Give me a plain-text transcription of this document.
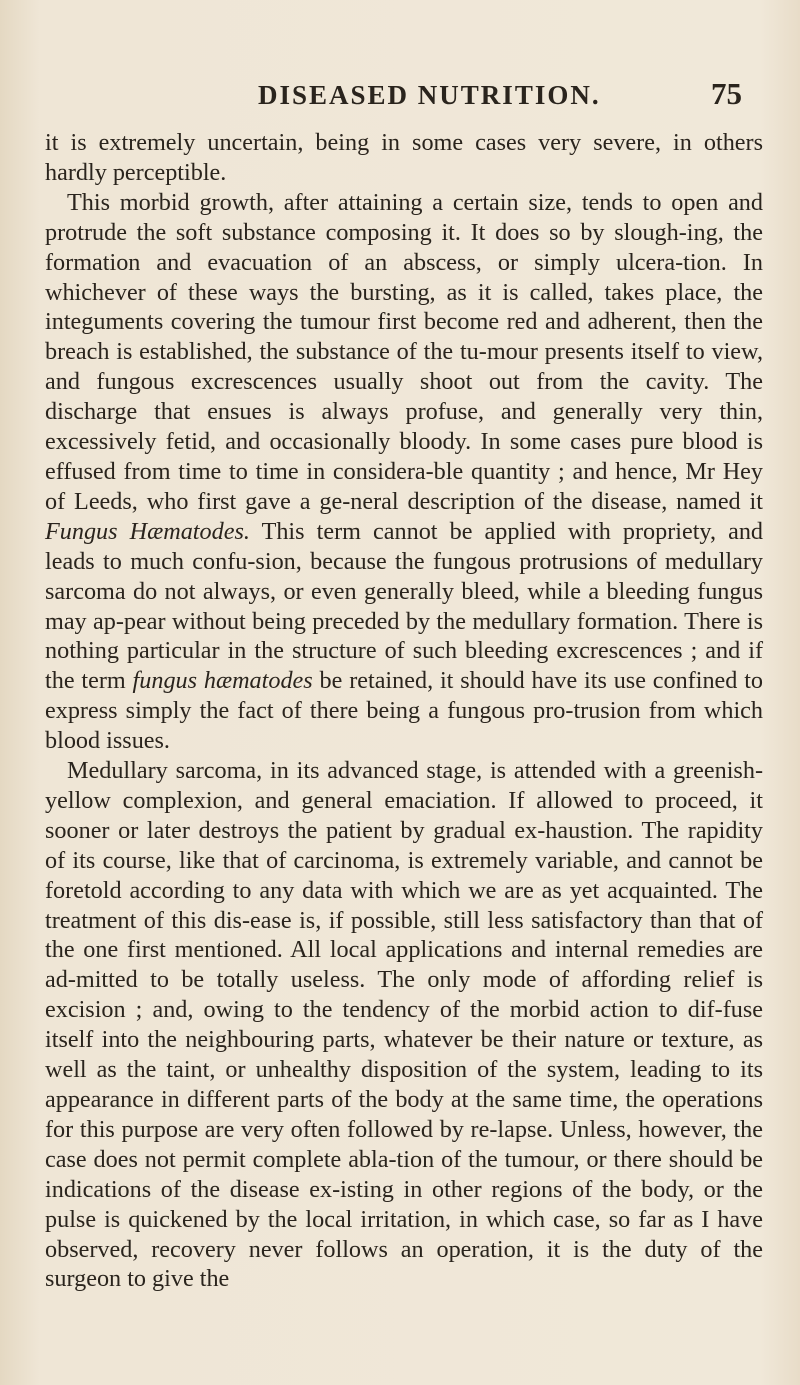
DISEASED NUTRITION.	75

it is extremely uncertain, being in some cases very severe, in others hardly perceptible.

This morbid growth, after attaining a certain size, tends to open and protrude the soft substance composing it. It does so by slough-ing, the formation and evacuation of an abscess, or simply ulcera-tion. In whichever of these ways the bursting, as it is called, takes place, the integuments covering the tumour first become red and adherent, then the breach is established, the substance of the tu-mour presents itself to view, and fungous excrescences usually shoot out from the cavity. The discharge that ensues is always profuse, and generally very thin, excessively fetid, and occasionally bloody. In some cases pure blood is effused from time to time in considera-ble quantity ; and hence, Mr Hey of Leeds, who first gave a ge-neral description of the disease, named it Fungus Hæmatodes. This term cannot be applied with propriety, and leads to much confu-sion, because the fungous protrusions of medullary sarcoma do not always, or even generally bleed, while a bleeding fungus may ap-pear without being preceded by the medullary formation. There is nothing particular in the structure of such bleeding excrescences ; and if the term fungus hæmatodes be retained, it should have its use confined to express simply the fact of there being a fungous pro-trusion from which blood issues.

Medullary sarcoma, in its advanced stage, is attended with a greenish-yellow complexion, and general emaciation. If allowed to proceed, it sooner or later destroys the patient by gradual ex-haustion. The rapidity of its course, like that of carcinoma, is extremely variable, and cannot be foretold according to any data with which we are as yet acquainted. The treatment of this dis-ease is, if possible, still less satisfactory than that of the one first mentioned. All local applications and internal remedies are ad-mitted to be totally useless. The only mode of affording relief is excision ; and, owing to the tendency of the morbid action to dif-fuse itself into the neighbouring parts, whatever be their nature or texture, as well as the taint, or unhealthy disposition of the system, leading to its appearance in different parts of the body at the same time, the operations for this purpose are very often followed by re-lapse. Unless, however, the case does not permit complete abla-tion of the tumour, or there should be indications of the disease ex-isting in other regions of the body, or the pulse is quickened by the local irritation, in which case, so far as I have observed, recovery never follows an operation, it is the duty of the surgeon to give the
